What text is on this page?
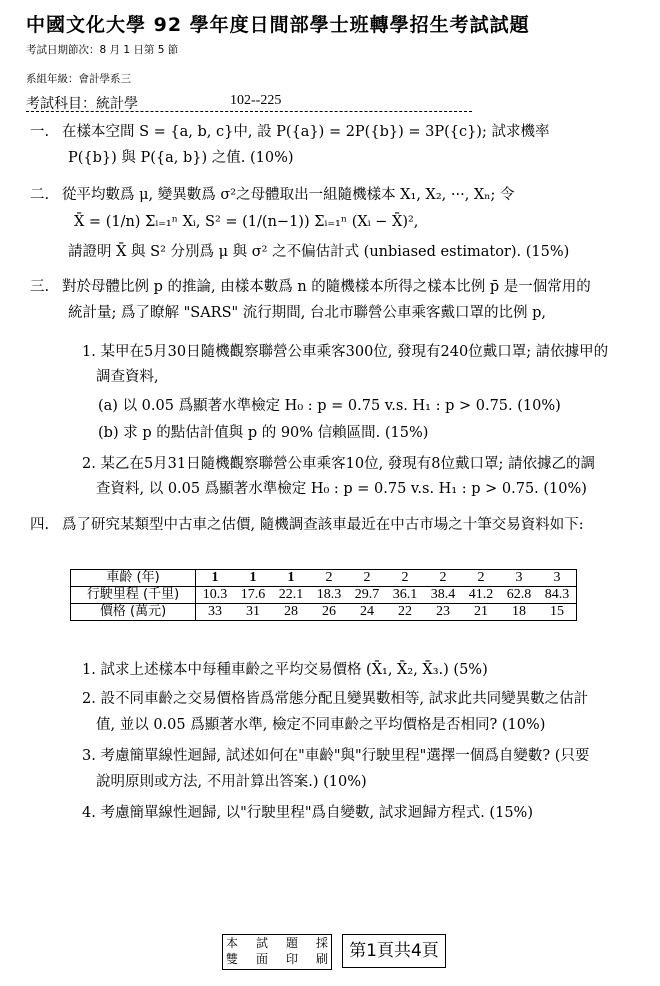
中國文化大學 92 學年度日間部學士班轉學招生考試試題
考試日期節次：8 月 1 日第 5 節
系組年級：會計學系三
考試科目：統計學	102--225
一. 在樣本空間 S = {a, b, c}中, 設 P({a}) = 2P({b}) = 3P({c}); 試求機率
P({b}) 與 P({a, b}) 之值. (10%)
二. 從平均數爲 μ, 變異數爲 σ²之母體取出一組隨機樣本 X₁, X₂, ···, Xₙ; 令
X̄ = (1/n) Σᵢ₌₁ⁿ Xᵢ, S² = (1/(n−1)) Σᵢ₌₁ⁿ (Xᵢ − X̄)²,
請證明 X̄ 與 S² 分別爲 μ 與 σ² 之不偏估計式 (unbiased estimator). (15%)
三. 對於母體比例 p 的推論, 由樣本數爲 n 的隨機樣本所得之樣本比例 p̄ 是一個常用的
統計量; 爲了瞭解 "SARS" 流行期間, 台北市聯營公車乘客戴口罩的比例 p,
1. 某甲在5月30日隨機觀察聯營公車乘客300位, 發現有240位戴口罩; 請依據甲的
調查資料,
(a) 以 0.05 爲顯著水準檢定 H₀ : p = 0.75 v.s. H₁ : p > 0.75. (10%)
(b) 求 p 的點估計值與 p 的 90% 信賴區間. (15%)
2. 某乙在5月31日隨機觀察聯營公車乘客10位, 發現有8位戴口罩; 請依據乙的調
查資料, 以 0.05 爲顯著水準檢定 H₀ : p = 0.75 v.s. H₁ : p > 0.75. (10%)
四. 爲了研究某類型中古車之估價, 隨機調查該車最近在中古市場之十筆交易資料如下:
車齡 (年)	1	1	1	2	2	2	2	2	3	3
行駛里程 (千里)	10.3	17.6	22.1	18.3	29.7	36.1	38.4	41.2	62.8	84.3
價格 (萬元)	33	31	28	26	24	22	23	21	18	15
1. 試求上述樣本中每種車齡之平均交易價格 (X̄₁, X̄₂, X̄₃.) (5%)
2. 設不同車齡之交易價格皆爲常態分配且變異數相等, 試求此共同變異數之估計
值, 並以 0.05 爲顯著水準, 檢定不同車齡之平均價格是否相同? (10%)
3. 考慮簡單線性迴歸, 試述如何在"車齡"與"行駛里程"選擇一個爲自變數? (只要
說明原則或方法, 不用計算出答案.) (10%)
4. 考慮簡單線性迴歸, 以"行駛里程"爲自變數, 試求迴歸方程式. (15%)
本 試 題 採
雙 面 印 刷	第1頁共4頁
